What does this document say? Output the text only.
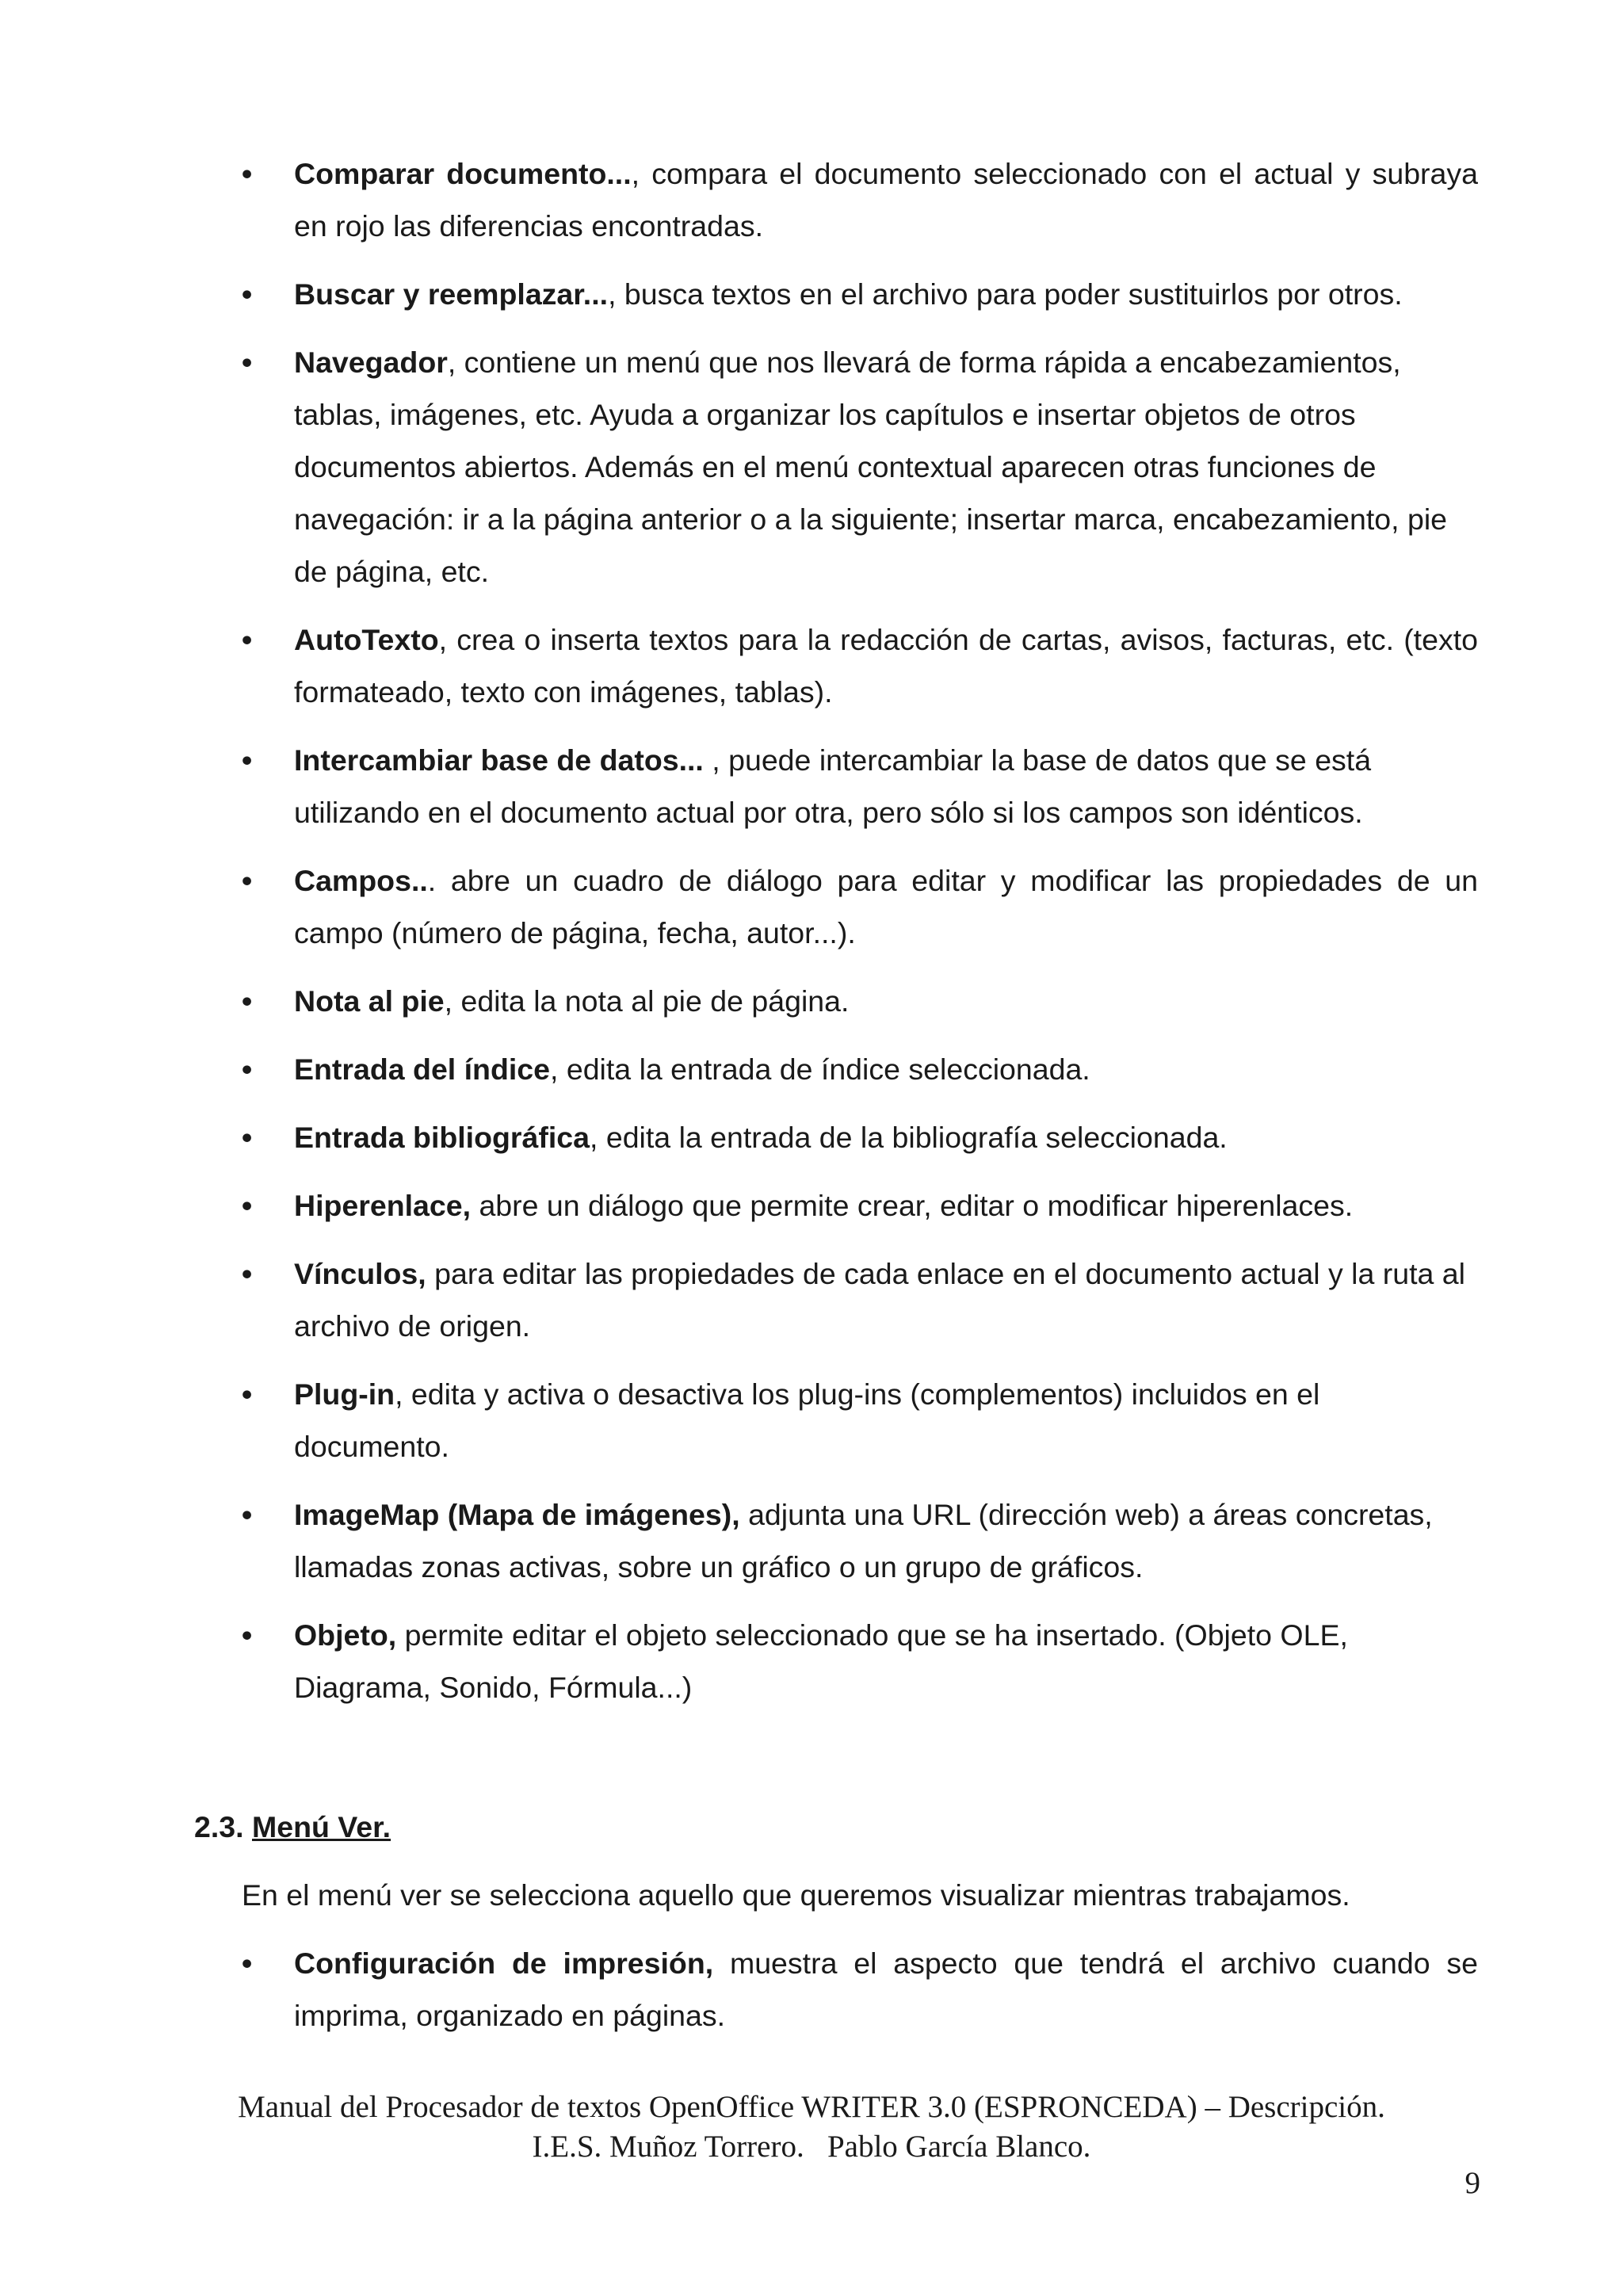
•	Comparar documento..., compara el documento seleccionado con el actual y subraya en rojo las diferencias encontradas.
•	Buscar y reemplazar..., busca textos en el archivo para poder sustituirlos por otros.
•	Navegador, contiene un menú que nos llevará de forma rápida a encabezamientos, tablas, imágenes, etc. Ayuda a organizar los capítulos e insertar objetos de otros documentos abiertos. Además en el menú contextual aparecen otras funciones de navegación: ir a la página anterior o a la siguiente; insertar marca, encabezamiento, pie de página, etc.
•	AutoTexto, crea o inserta textos para la redacción de cartas, avisos, facturas, etc. (texto formateado, texto con imágenes, tablas).
•	Intercambiar base de datos... , puede intercambiar la base de datos que se está utilizando en el documento actual por otra, pero sólo si los campos son idénticos.
•	Campos... abre un cuadro de diálogo para editar y modificar las propiedades de un campo (número de página, fecha, autor...).
•	Nota al pie, edita la nota al pie de página.
•	Entrada del índice, edita la entrada de índice seleccionada.
•	Entrada bibliográfica, edita la entrada de la bibliografía seleccionada.
•	Hiperenlace, abre un diálogo que permite crear, editar o modificar hiperenlaces.
•	Vínculos, para editar las propiedades de cada enlace en el documento actual y la ruta al archivo de origen.
•	Plug-in, edita y activa o desactiva los plug-ins (complementos) incluidos en el documento.
•	ImageMap (Mapa de imágenes), adjunta una URL (dirección web) a áreas concretas, llamadas zonas activas, sobre un gráfico o un grupo de gráficos.
•	Objeto, permite editar el objeto seleccionado que se ha insertado. (Objeto OLE, Diagrama, Sonido, Fórmula...)
2.3. Menú Ver.
En el menú ver se selecciona aquello que queremos visualizar mientras trabajamos.
•	Configuración de impresión, muestra el aspecto que tendrá el archivo cuando se imprima, organizado en páginas.
Manual del Procesador de textos OpenOffice WRITER 3.0 (ESPRONCEDA) – Descripción.
I.E.S. Muñoz Torrero.   Pablo García Blanco.
9
